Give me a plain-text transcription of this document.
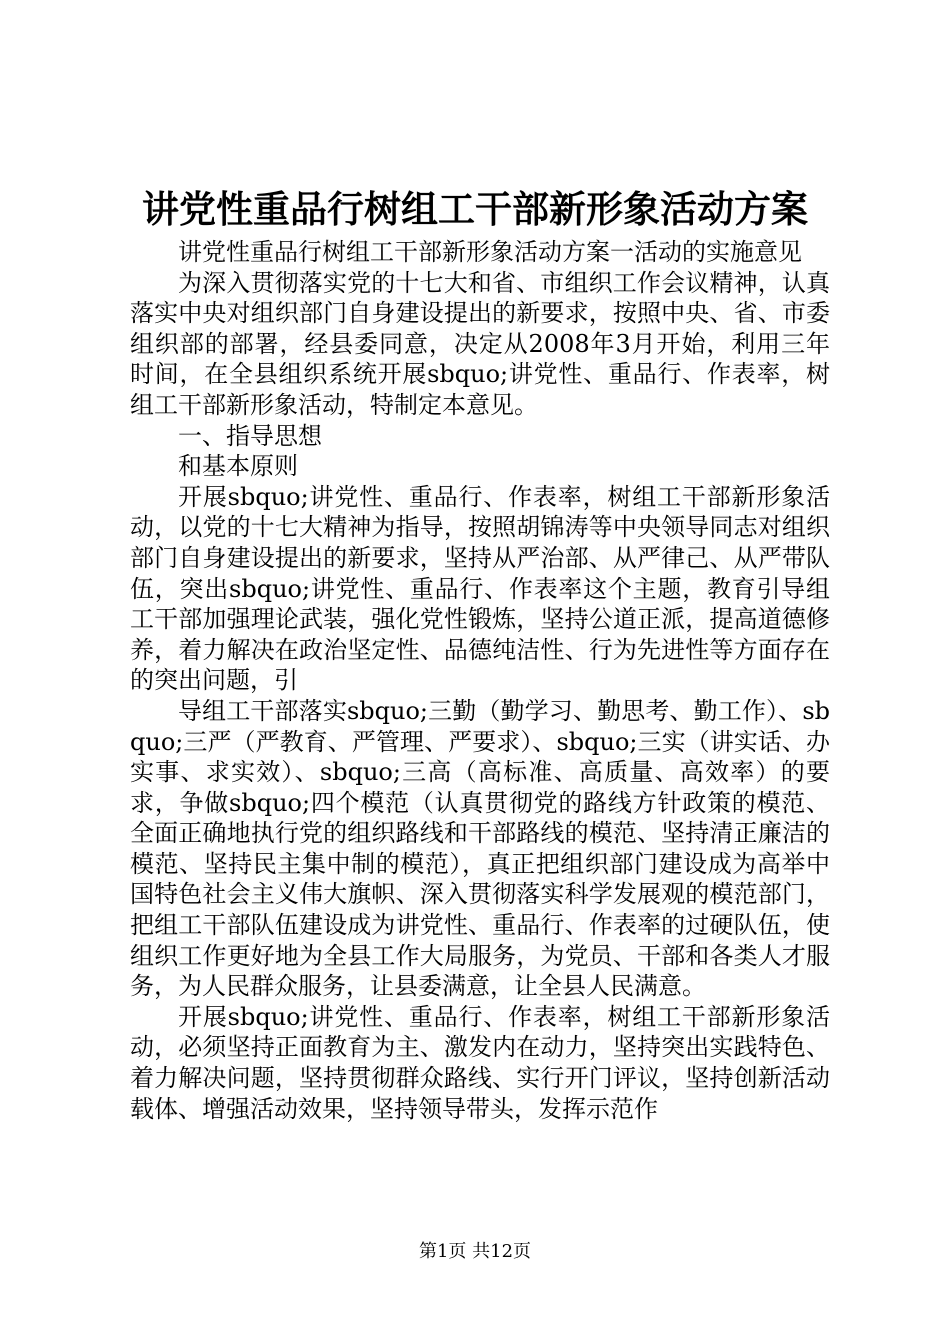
讲党性重品行树组工干部新形象活动方案

讲党性重品行树组工干部新形象活动方案一活动的实施意见

为深入贯彻落实党的十七大和省、市组织工作会议精神，认真落实中央对组织部门自身建设提出的新要求，按照中央、省、市委组织部的部署，经县委同意，决定从2008年3月开始，利用三年时间，在全县组织系统开展sbquo;讲党性、重品行、作表率，树组工干部新形象活动，特制定本意见。

一、指导思想

和基本原则

开展sbquo;讲党性、重品行、作表率，树组工干部新形象活动，以党的十七大精神为指导，按照胡锦涛等中央领导同志对组织部门自身建设提出的新要求，坚持从严治部、从严律己、从严带队伍，突出sbquo;讲党性、重品行、作表率这个主题，教育引导组工干部加强理论武装，强化党性锻炼，坚持公道正派，提高道德修养，着力解决在政治坚定性、品德纯洁性、行为先进性等方面存在的突出问题，引

导组工干部落实sbquo;三勤（勤学习、勤思考、勤工作）、sbquo;三严（严教育、严管理、严要求）、sbquo;三实（讲实话、办实事、求实效）、sbquo;三高（高标准、高质量、高效率）的要求，争做sbquo;四个模范（认真贯彻党的路线方针政策的模范、全面正确地执行党的组织路线和干部路线的模范、坚持清正廉洁的模范、坚持民主集中制的模范），真正把组织部门建设成为高举中国特色社会主义伟大旗帜、深入贯彻落实科学发展观的模范部门，把组工干部队伍建设成为讲党性、重品行、作表率的过硬队伍，使组织工作更好地为全县工作大局服务，为党员、干部和各类人才服务，为人民群众服务，让县委满意，让全县人民满意。

开展sbquo;讲党性、重品行、作表率，树组工干部新形象活动，必须坚持正面教育为主、激发内在动力，坚持突出实践特色、着力解决问题，坚持贯彻群众路线、实行开门评议，坚持创新活动载体、增强活动效果，坚持领导带头，发挥示范作

第1页 共12页
